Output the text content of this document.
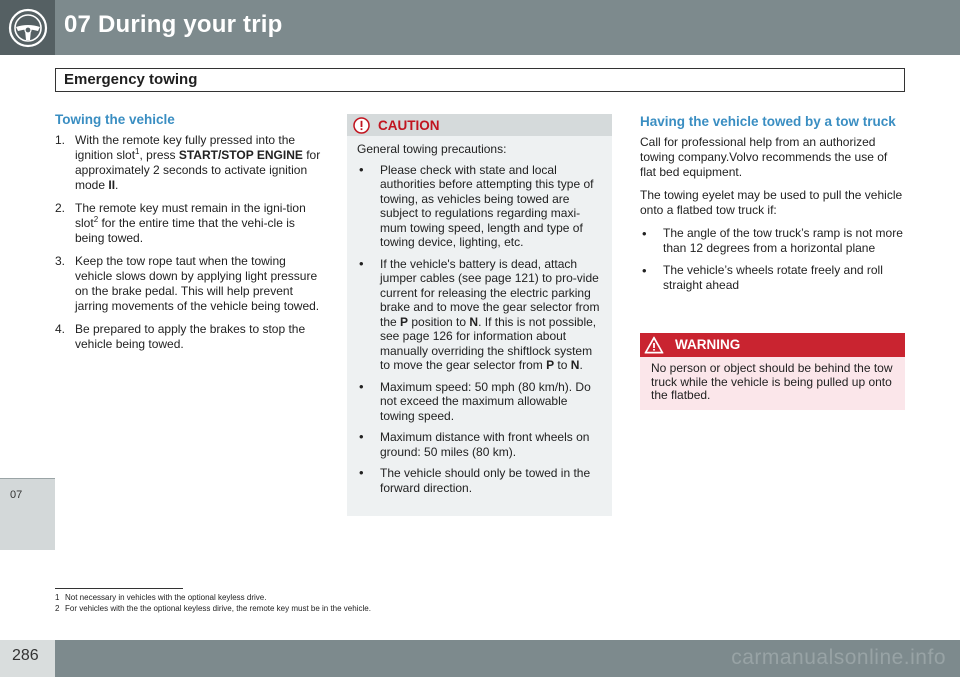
07 During your trip
Emergency towing
07
Towing the vehicle
1. With the remote key fully pressed into the ignition slot$^1$, press START/STOP ENGINE for approximately 2 seconds to activate ignition mode II.
2. The remote key must remain in the igni-tion slot$^2$ for the entire time that the vehi-cle is being towed.
3. Keep the tow rope taut when the towing vehicle slows down by applying light pressure on the brake pedal. This will help prevent jarring movements of the vehicle being towed.
4. Be prepared to apply the brakes to stop the vehicle being towed.
CAUTION
General towing precautions:
• Please check with state and local authorities before attempting this type of towing, as vehicles being towed are subject to regulations regarding maxi-mum towing speed, length and type of towing device, lighting, etc.
• If the vehicle's battery is dead, attach jumper cables (see page 121) to pro-vide current for releasing the electric parking brake and to move the gear selector from the P position to N. If this is not possible, see page 126 for information about manually overriding the shiftlock system to move the gear selector from P to N.
• Maximum speed: 50 mph (80 km/h). Do not exceed the maximum allowable towing speed.
• Maximum distance with front wheels on ground: 50 miles (80 km).
• The vehicle should only be towed in the forward direction.
Having the vehicle towed by a tow truck

Call for professional help from an authorized towing company.Volvo recommends the use of flat bed equipment.

The towing eyelet may be used to pull the vehicle onto a flatbed tow truck if:

• The angle of the tow truck’s ramp is not more than 12 degrees from a horizontal plane
• The vehicle’s wheels rotate freely and roll straight ahead
WARNING
No person or object should be behind the tow truck while the vehicle is being pulled up onto the flatbed.
1 Not necessary in vehicles with the optional keyless drive.
2 For vehicles with the the optional keyless dirive, the remote key must be in the vehicle.
286	carmanualsonline.info
